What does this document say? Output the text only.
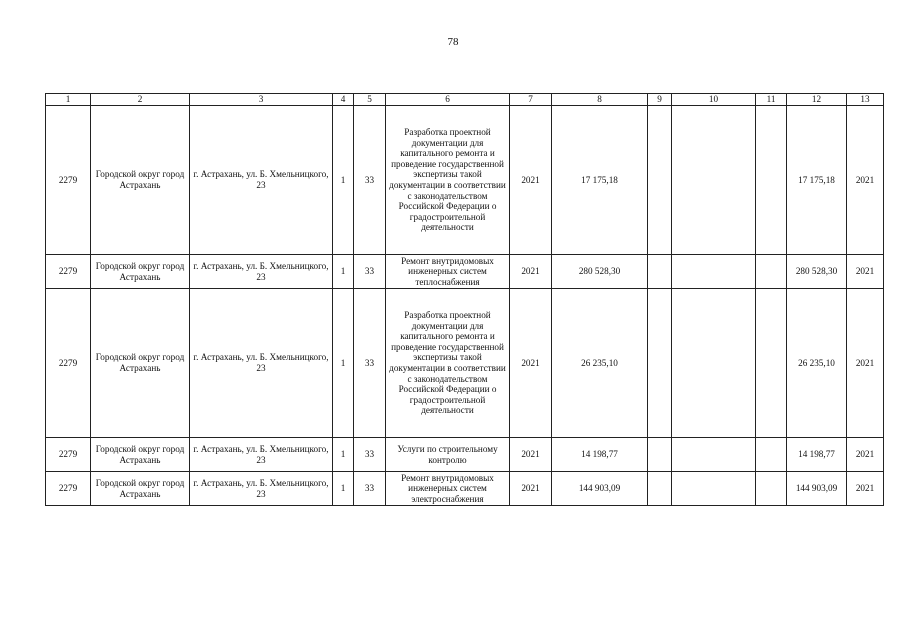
78
1	2	3	4	5	6	7	8	9	10	11	12	13
2279	Городской округ город Астрахань	г. Астрахань, ул. Б. Хмельницкого, 23	1	33	Разработка проектной документации для капитального ремонта и проведение государственной экспертизы такой документации в соответствии с законодательством Российской Федерации о градостроительной деятельности	2021	17 175,18				17 175,18	2021
2279	Городской округ город Астрахань	г. Астрахань, ул. Б. Хмельницкого, 23	1	33	Ремонт внутридомовых инженерных систем теплоснабжения	2021	280 528,30				280 528,30	2021
2279	Городской округ город Астрахань	г. Астрахань, ул. Б. Хмельницкого, 23	1	33	Разработка проектной документации для капитального ремонта и проведение государственной экспертизы такой документации в соответствии с законодательством Российской Федерации о градостроительной деятельности	2021	26 235,10				26 235,10	2021
2279	Городской округ город Астрахань	г. Астрахань, ул. Б. Хмельницкого, 23	1	33	Услуги по строительному контролю	2021	14 198,77				14 198,77	2021
2279	Городской округ город Астрахань	г. Астрахань, ул. Б. Хмельницкого, 23	1	33	Ремонт внутридомовых инженерных систем электроснабжения	2021	144 903,09				144 903,09	2021
